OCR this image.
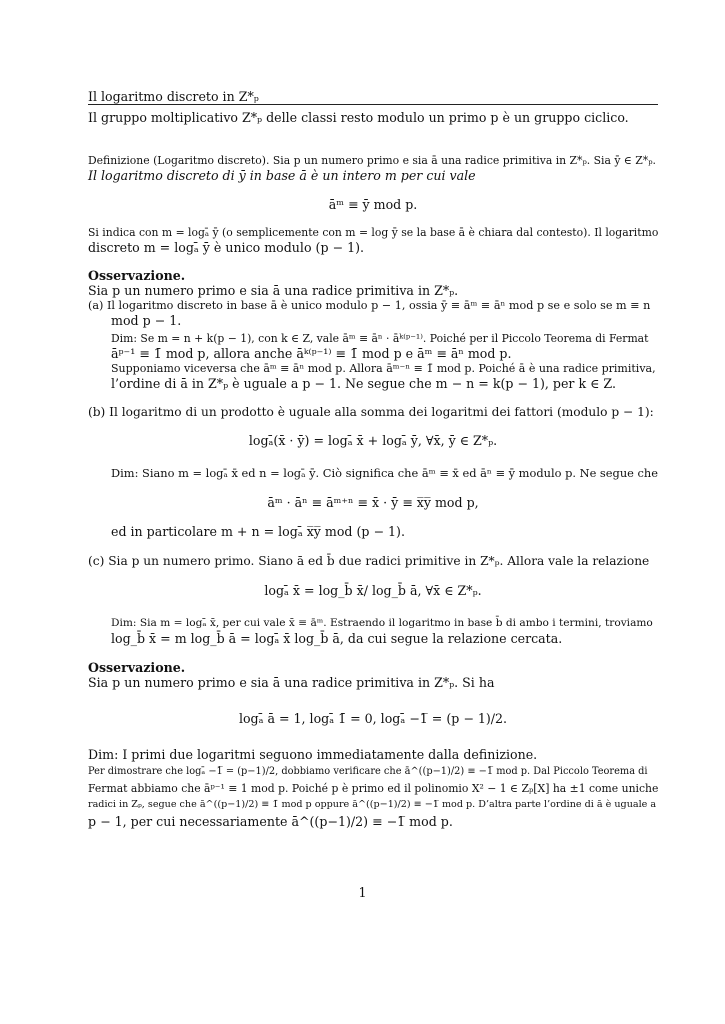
Il logaritmo discreto in Z*ₚ
Il gruppo moltiplicativo Z*ₚ delle classi resto modulo un primo p è un gruppo ciclico.
Definizione (Logaritmo discreto). Sia p un numero primo e sia ā una radice primitiva in Z*ₚ. Sia ȳ ∈ Z*ₚ.
Il logaritmo discreto di ȳ in base ā è un intero m per cui vale
āᵐ ≡ ȳ mod p.
Si indica con m = logₐ̄ ȳ (o semplicemente con m = log ȳ se la base ā è chiara dal contesto). Il logaritmo
discreto m = logₐ̄ ȳ è unico modulo (p − 1).
Osservazione.
Sia p un numero primo e sia ā una radice primitiva in Z*ₚ.
(a) Il logaritmo discreto in base ā è unico modulo p − 1, ossia ȳ ≡ āᵐ ≡ āⁿ mod p se e solo se m ≡ n
mod p − 1.
Dim: Se m = n + k(p − 1), con k ∈ Z, vale āᵐ ≡ āⁿ · āᵏ⁽ᵖ⁻¹⁾. Poiché per il Piccolo Teorema di Fermat
āᵖ⁻¹ ≡ 1̄ mod p, allora anche āᵏ⁽ᵖ⁻¹⁾ ≡ 1̄ mod p e āᵐ ≡ āⁿ mod p.
Supponiamo viceversa che āᵐ ≡ āⁿ mod p. Allora āᵐ⁻ⁿ ≡ 1̄ mod p. Poiché ā è una radice primitiva,
l’ordine di ā in Z*ₚ è uguale a p − 1. Ne segue che m − n = k(p − 1), per k ∈ Z.
(b) Il logaritmo di un prodotto è uguale alla somma dei logaritmi dei fattori (modulo p − 1):
logₐ̄(x̄ · ȳ) = logₐ̄ x̄ + logₐ̄ ȳ, ∀x̄, ȳ ∈ Z*ₚ.
Dim: Siano m = logₐ̄ x̄ ed n = logₐ̄ ȳ. Ciò significa che āᵐ ≡ x̄ ed āⁿ ≡ ȳ modulo p. Ne segue che
āᵐ · āⁿ ≡ āᵐ⁺ⁿ ≡ x̄ · ȳ ≡ x̅y̅ mod p,
ed in particolare m + n = logₐ̄ x̅y̅ mod (p − 1).
(c) Sia p un numero primo. Siano ā ed b̄ due radici primitive in Z*ₚ. Allora vale la relazione
logₐ̄ x̄ = log_b̄ x̄/ log_b̄ ā, ∀x̄ ∈ Z*ₚ.
Dim: Sia m = logₐ̄ x̄, per cui vale x̄ ≡ āᵐ. Estraendo il logaritmo in base b̄ di ambo i termini, troviamo
log_b̄ x̄ = m log_b̄ ā = logₐ̄ x̄ log_b̄ ā, da cui segue la relazione cercata.
Osservazione.
Sia p un numero primo e sia ā una radice primitiva in Z*ₚ. Si ha
logₐ̄ ā = 1, logₐ̄ 1̄ = 0, logₐ̄ −1̅ = (p − 1)/2.
Dim: I primi due logaritmi seguono immediatamente dalla definizione.
Per dimostrare che logₐ̄ −1̅ = (p−1)/2, dobbiamo verificare che ā^((p−1)/2) ≡ −1̅ mod p. Dal Piccolo Teorema di
Fermat abbiamo che āᵖ⁻¹ ≡ 1 mod p. Poiché p è primo ed il polinomio X² − 1 ∈ Zₚ[X] ha ±1 come uniche
radici in Zₚ, segue che ā^((p−1)/2) ≡ 1̄ mod p oppure ā^((p−1)/2) ≡ −1̅ mod p. D’altra parte l’ordine di ā è uguale a
p − 1, per cui necessariamente ā^((p−1)/2) ≡ −1̅ mod p.
1
